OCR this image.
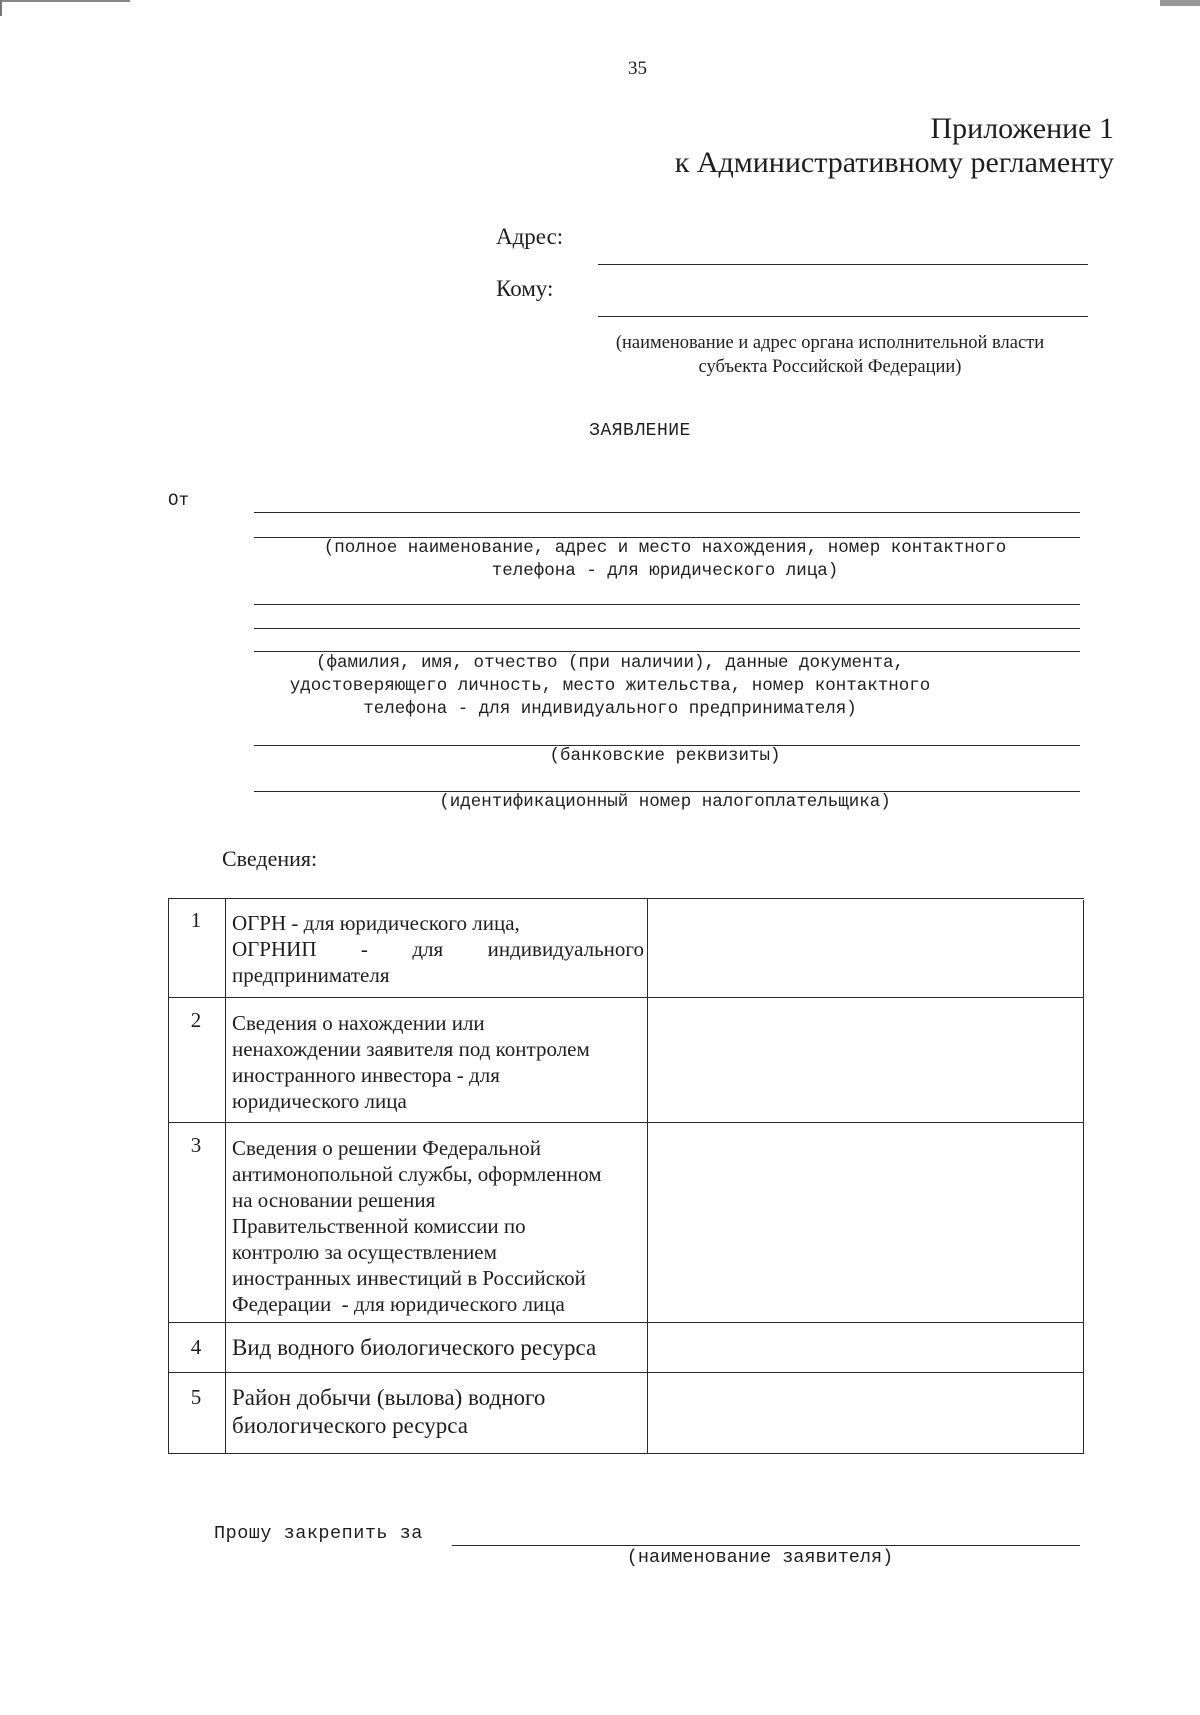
35
Приложение 1
к Административному регламенту
Адрес:
Кому:
(наименование и адрес органа исполнительной власти
субъекта Российской Федерации)
ЗАЯВЛЕНИЕ
От
(полное наименование, адрес и место нахождения, номер контактного
телефона - для юридического лица)
(фамилия, имя, отчество (при наличии), данные документа,
удостоверяющего личность, место жительства, номер контактного
телефона - для индивидуального предпринимателя)
(банковские реквизиты)
(идентификационный номер налогоплательщика)
Сведения:
1	ОГРН - для юридического лица,
ОГРНИП - для индивидуального
предпринимателя
2	Сведения о нахождении или
ненахождении заявителя под контролем
иностранного инвестора - для
юридического лица
3	Сведения о решении Федеральной
антимонопольной службы, оформленном
на основании решения
Правительственной комиссии по
контролю за осуществлением
иностранных инвестиций в Российской
Федерации  - для юридического лица
4	Вид водного биологического ресурса
5	Район добычи (вылова) водного
биологического ресурса
Прошу закрепить за
(наименование заявителя)
